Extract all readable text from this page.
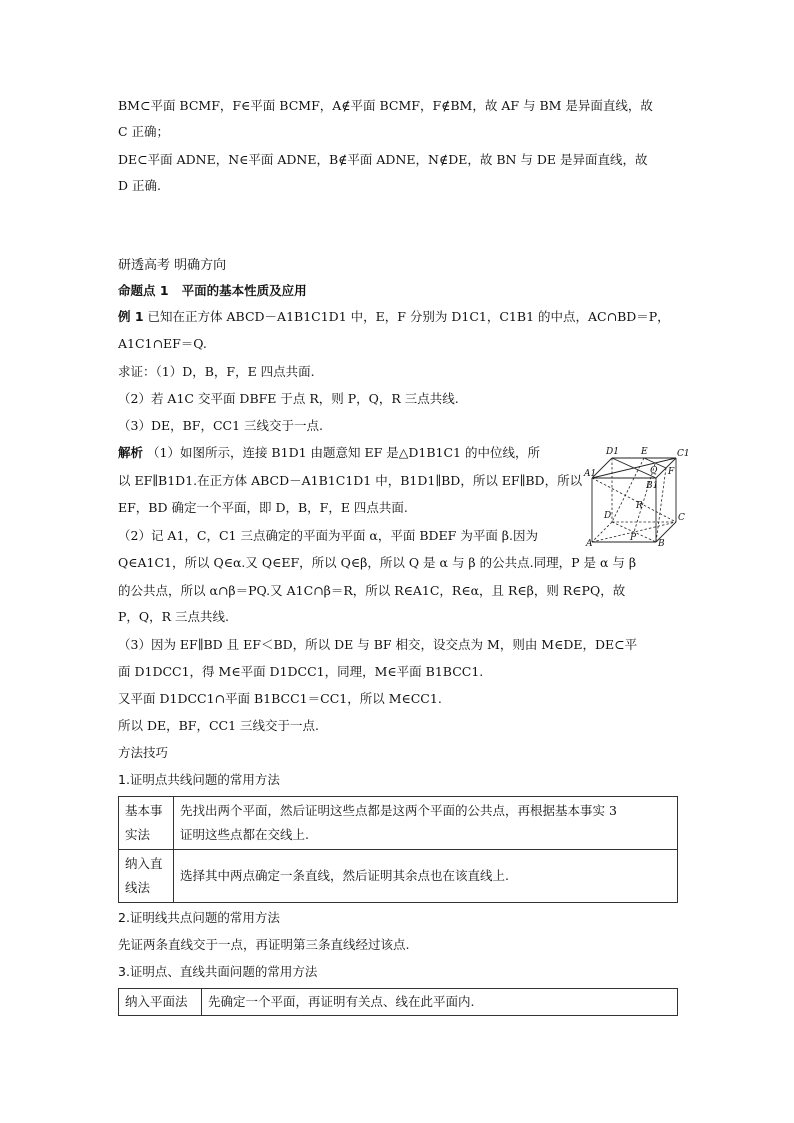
BM⊂平面 BCMF，F∈平面 BCMF，A∉平面 BCMF，F∉BM，故 AF 与 BM 是异面直线，故
C 正确；
DE⊂平面 ADNE，N∈平面 ADNE，B∉平面 ADNE，N∉DE，故 BN 与 DE 是异面直线，故
D 正确.
研透高考 明确方向
命题点 1 平面的基本性质及应用
例 1 已知在正方体 ABCD－A1B1C1D1 中，E，F 分别为 D1C1，C1B1 的中点，AC∩BD＝P，
A1C1∩EF＝Q.
求证：（1）D，B，F，E 四点共面.
（2）若 A1C 交平面 DBFE 于点 R，则 P，Q，R 三点共线.
（3）DE，BF，CC1 三线交于一点.
解析 （1）如图所示，连接 B1D1 由题意知 EF 是△D1B1C1 的中位线，所
以 EF∥B1D1.在正方体 ABCD－A1B1C1D1 中，B1D1∥BD，所以 EF∥BD，所以
EF，BD 确定一个平面，即 D，B，F，E 四点共面.
（2）记 A1，C，C1 三点确定的平面为平面 α，平面 BDEF 为平面 β.因为
Q∈A1C1，所以 Q∈α.又 Q∈EF，所以 Q∈β，所以 Q 是 α 与 β 的公共点.同理，P 是 α 与 β
的公共点，所以 α∩β＝PQ.又 A1C∩β＝R，所以 R∈A1C，R∈α，且 R∈β，则 R∈PQ，故
P，Q，R 三点共线.
（3）因为 EF∥BD 且 EF＜BD，所以 DE 与 BF 相交，设交点为 M，则由 M∈DE，DE⊂平
面 D1DCC1，得 M∈平面 D1DCC1，同理，M∈平面 B1BCC1.
又平面 D1DCC1∩平面 B1BCC1＝CC1，所以 M∈CC1.
所以 DE，BF，CC1 三线交于一点.
D1 E	C1
A1	Q F
B1
D
R
C
A
P
B
方法技巧
1.证明点共线问题的常用方法
基本事实法	先找出两个平面，然后证明这些点都是这两个平面的公共点，再根据基本事实 3
证明这些点都在交线上.

纳入直线法	选择其中两点确定一条直线，然后证明其余点也在该直线上.
2.证明线共点问题的常用方法
先证两条直线交于一点，再证明第三条直线经过该点.
3.证明点、直线共面问题的常用方法
纳入平面法	先确定一个平面，再证明有关点、线在此平面内.
